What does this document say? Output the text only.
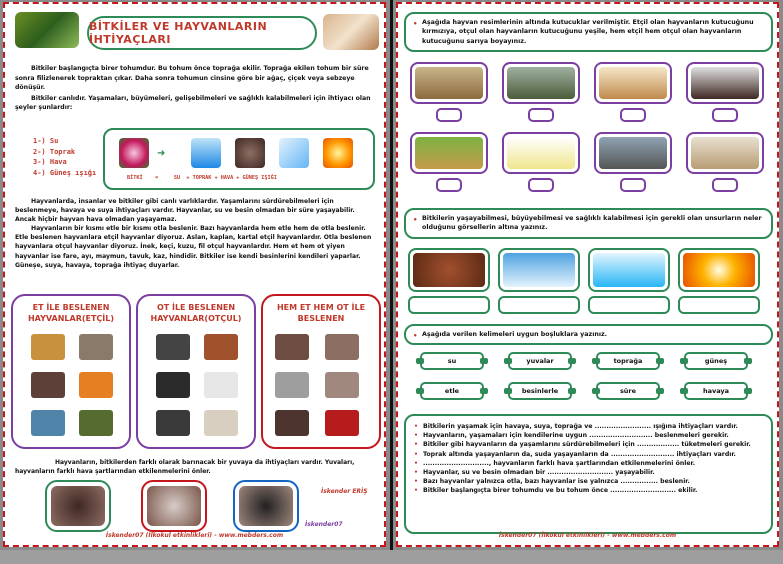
BİTKİLER VE HAYVANLARIN İHTİYAÇLARI

Bitkiler başlangıçta birer tohumdur. Bu tohum önce toprağa ekilir. Toprağa ekilen tohum bir süre sonra filizlenerek topraktan çıkar. Daha sonra tohumun cinsine göre bir ağaç, çiçek veya sebzeye dönüşür.

Bitkiler canlıdır. Yaşamaları, büyümeleri, gelişebilmeleri ve sağlıklı kalabilmeleri için ihtiyacı olan şeyler şunlardır:

1-) Su
2-) Toprak
3-) Hava
4-) Güneş ışığı
➜
BİTKİ    =     SU  + TOPRAK + HAVA + GÜNEŞ IŞIĞI

Hayvanlarda, insanlar ve bitkiler gibi canlı varlıklardır. Yaşamlarını sürdürebilmeleri için beslenmeye, havaya ve suya ihtiyaçları vardır. Hayvanlar, su ve besin olmadan bir süre yaşayabilir. Ancak hiçbir hayvan hava olmadan yaşayamaz.

Hayvanların bir kısmı etle bir kısmı otla beslenir. Bazı hayvanlarda hem etle hem de otla beslenir. Etle beslenen hayvanlara etçil hayvanlar diyoruz. Aslan, kaplan, kartal etçil hayvanlardır. Otla beslenen hayvanlara otçul hayvanlar diyoruz. İnek, keçi, kuzu, fil otçul hayvanlardır. Hem et hem ot yiyen hayvanlar ise fare, ayı, maymun, tavuk, kaz, hindidir. Bitkiler ise kendi besinlerini kendileri yaparlar. Güneşe, suya, havaya, toprağa ihtiyaç duyarlar.

ET İLE BESLENEN HAYVANLAR(ETÇİL)
OT İLE BESLENEN HAYVANLAR(OTÇUL)
HEM ET HEM OT İLE BESLENEN

Hayvanların, bitkilerden farklı olarak barınacak bir yuvaya da ihtiyaçları vardır. Yuvaları, hayvanların farklı hava şartlarından etkilenmelerini önler.

İskender ERİŞ
İskender07
İskender07 (İlkokul etkinlikleri) - www.mebders.com
• Aşağıda hayvan resimlerinin altında kutucuklar verilmiştir. Etçil olan hayvanların kutucuğunu kırmızıya, otçul olan hayvanların kutucuğunu yeşile, hem etçil hem otçul olan hayvanların kutucuğunu sarıya boyayınız.
• Bitkilerin yaşayabilmesi, büyüyebilmesi ve sağlıklı kalabilmesi için gerekli olan unsurların neler olduğunu görsellerin altına yazınız.
• Aşağıda verilen kelimeleri uygun boşluklara yazınız.
su	yuvalar	toprağa	güneş
etle	besinlerle	süre	havaya
• Bitkilerin yaşamak için havaya, suya, toprağa ve ........................ ışığına ihtiyaçları vardır.
• Hayvanların, yaşamaları için kendilerine uygun ........................... beslenmeleri gerekir.
• Bitkiler gibi hayvanların da yaşamlarını sürdürebilmeleri için .................. tüketmeleri gerekir.
• Toprak altında yaşayanların da, suda yaşayanların da ........................... ihtiyaçları vardır.
• ............................, hayvanların farklı hava şartlarından etkilenmelerini önler.
• Hayvanlar, su ve besin olmadan bir ............................ yaşayabilir.
• Bazı hayvanlar yalnızca otla, bazı hayvanlar ise yalnızca ................ beslenir.
• Bitkiler başlangıçta birer tohumdu ve bu tohum önce ............................ ekilir.
İskender07 (İlkokul etkinlikleri) - www.mebders.com
